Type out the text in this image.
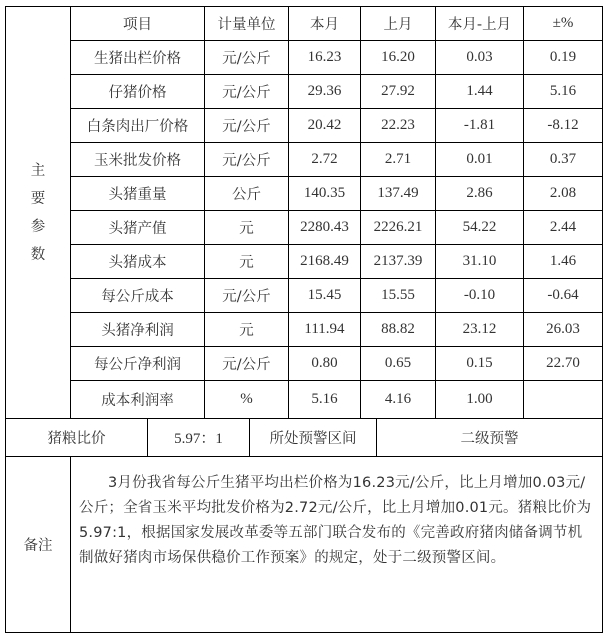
主
要
参
数	项目	计量单位	本月	上月	本月-上月	±%
	生猪出栏价格	元/公斤	16.23	16.20	0.03	0.19
	仔猪价格	元/公斤	29.36	27.92	1.44	5.16
	白条肉出厂价格	元/公斤	20.42	22.23	-1.81	-8.12
	玉米批发价格	元/公斤	2.72	2.71	0.01	0.37
	头猪重量	公斤	140.35	137.49	2.86	2.08
	头猪产值	元	2280.43	2226.21	54.22	2.44
	头猪成本	元	2168.49	2137.39	31.10	1.46
	每公斤成本	元/公斤	15.45	15.55	-0.10	-0.64
	头猪净利润	元	111.94	88.82	23.12	26.03
	每公斤净利润	元/公斤	0.80	0.65	0.15	22.70
	成本利润率	%	5.16	4.16	1.00	
猪粮比价	5.97：1	所处预警区间	二级预警
备注	3月份我省每公斤生猪平均出栏价格为16.23元/公斤，比上月增加0.03元/公斤；全省玉米平均批发价格为2.72元/公斤，比上月增加0.01元。猪粮比价为5.97:1，根据国家发展改革委等五部门联合发布的《完善政府猪肉储备调节机制做好猪肉市场保供稳价工作预案》的规定，处于二级预警区间。
